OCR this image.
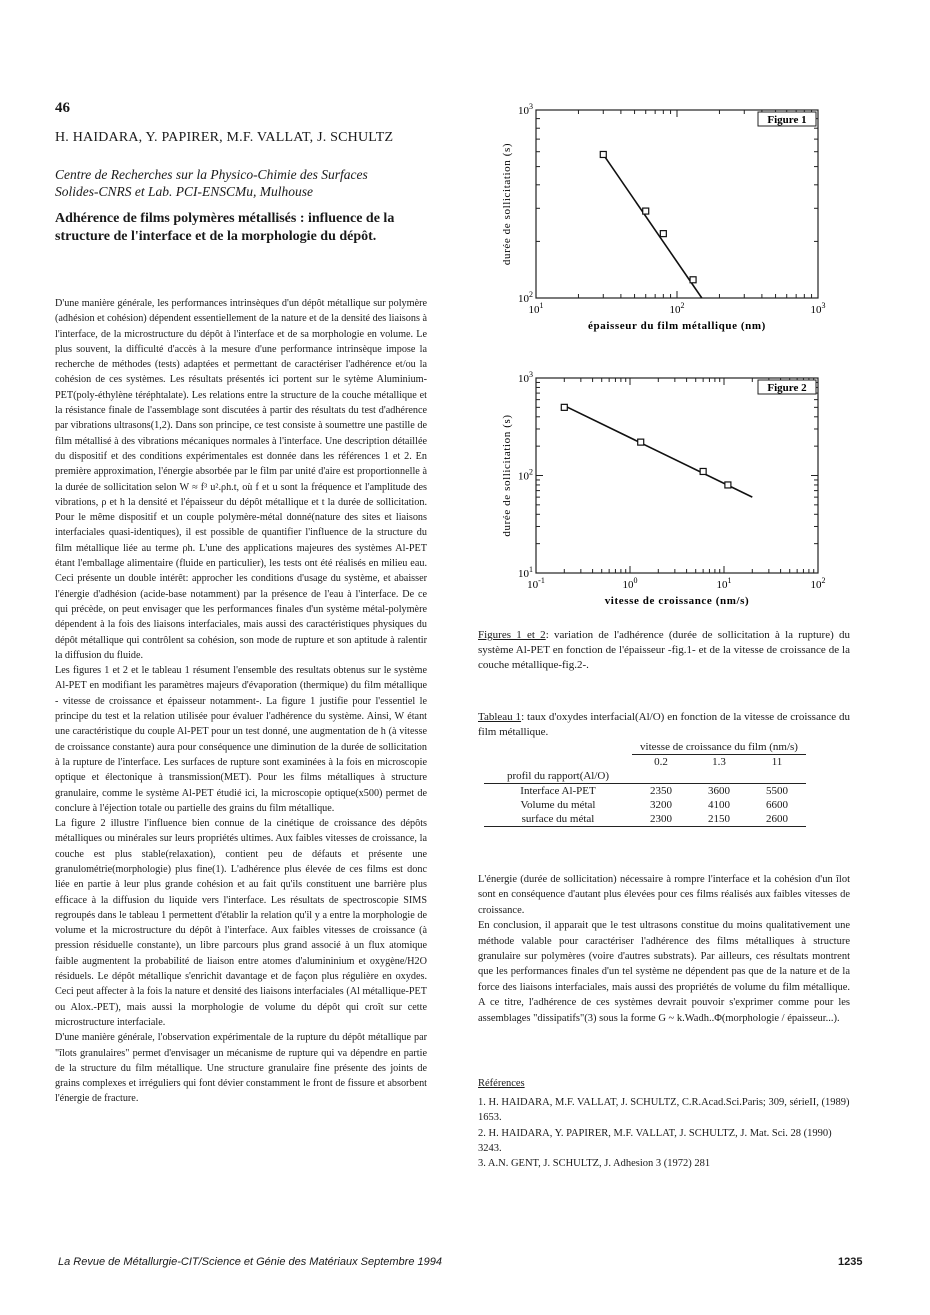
46
H. HAIDARA, Y. PAPIRER, M.F. VALLAT, J. SCHULTZ
Centre de Recherches sur la Physico-Chimie des Surfaces
Solides-CNRS et Lab. PCI-ENSCMu, Mulhouse
Adhérence de films polymères métallisés : influence de la
structure de l'interface et de la morphologie du dépôt.

D'une manière générale, les performances intrinsèques d'un dépôt métallique sur polymère (adhésion et cohésion) dépendent essentiellement de la nature et de la densité des liaisons à l'interface, de la microstructure du dépôt à l'interface et de sa morphologie en volume. Le plus souvent, la difficulté d'accès à la mesure d'une performance intrinsèque impose la recherche de méthodes (tests) adaptées et permettant de caractériser l'adhérence et/ou la cohésion de ces systèmes. Les résultats présentés ici portent sur le sytème Aluminium-PET(poly-éthylène téréphtalate). Les relations entre la structure de la couche métallique et la résistance finale de l'assemblage sont discutées à partir des résultats du test d'adhérence par vibrations ultrasons(1,2). Dans son principe, ce test consiste à soumettre une pastille de film métallisé à des vibrations mécaniques normales à l'interface. Une description détaillée du dispositif et des conditions expérimentales est donnée dans les références 1 et 2. En première approximation, l'énergie absorbée par le film par unité d'aire est proportionnelle à la durée de sollicitation selon W ≈ f³ u².ρh.t, où f et u sont la fréquence et l'amplitude des vibrations, ρ et h la densité et l'épaisseur du dépôt métallique et t la durée de sollicitation. Pour le même dispositif et un couple polymère-métal donné(nature des sites et liaisons interfaciales quasi-identiques), il est possible de quantifier l'influence de la structure du film métallique liée au terme ρh. L'une des applications majeures des systèmes Al-PET étant l'emballage alimentaire (fluide en particulier), les tests ont été réalisés en milieu eau. Ceci présente un double intérêt: approcher les conditions d'usage du système, et abaisser l'énergie d'adhésion (acide-base notamment) par la présence de l'eau à l'interface. De ce qui précède, on peut envisager que les performances finales d'un système métal-polymère dépendent à la fois des liaisons interfaciales, mais aussi des caractéristiques physiques du dépôt métallique qui contrôlent sa cohésion, son mode de rupture et son aptitude à ralentir la diffusion du fluide.

Les figures 1 et 2 et le tableau 1 résument l'ensemble des resultats obtenus sur le système Al-PET en modifiant les paramètres majeurs d'évaporation (thermique) du film métallique - vitesse de croissance et épaisseur notamment-. La figure 1 justifie pour l'essentiel le principe du test et la relation utilisée pour évaluer l'adhérence du système. Ainsi, W étant une caractéristique du couple Al-PET pour un test donné, une augmentation de h (à vitesse de croissance constante) aura pour conséquence une diminution de la durée de sollicitation à la rupture de l'interface. Les surfaces de rupture sont examinées à la fois en microscopie optique et électonique à transmission(MET). Pour les films métalliques à structure granulaire, comme le système Al-PET étudié ici, la microscopie optique(x500) permet de conclure à l'éjection totale ou partielle des grains du film métallique.

La figure 2 illustre l'influence bien connue de la cinétique de croissance des dépôts métalliques ou minérales sur leurs propriétés ultimes. Aux faibles vitesses de croissance, la couche est plus stable(relaxation), contient peu de défauts et présente une granulométrie(morphologie) plus fine(1). L'adhérence plus élevée de ces films est donc liée en partie à leur plus grande cohésion et au fait qu'ils constituent une barrière plus efficace à la diffusion du liquide vers l'interface. Les résultats de spectroscopie SIMS regroupés dans le tableau 1 permettent d'établir la relation qu'il y a entre la morphologie de volume et la microstructure du dépôt à l'interface. Aux faibles vitesses de croissance (à pression résiduelle constante), un libre parcours plus grand associé à un flux atomique faible augmentent la probabilité de liaison entre atomes d'alumininium et oxygène/H2O résiduels. Le dépôt métallique s'enrichit davantage et de façon plus régulière en oxydes. Ceci peut affecter à la fois la nature et densité des liaisons interfaciales (Al métallique-PET ou Alox.-PET), mais aussi la morphologie de volume du dépôt qui croît sur cette microstructure interfaciale.

D'une manière générale, l'observation expérimentale de la rupture du dépôt métallique par "îlots granulaires" permet d'envisager un mécanisme de rupture qui va dépendre en partie de la structure du film métallique. Une structure granulaire fine présente des joints de grains complexes et irréguliers qui font dévier constamment le front de fissure et absorbent l'énergie de fracture.

$10^1$	$10^2$	$10^3$
$10^2$
$10^3$
Figure 1
épaisseur du film métallique (nm)
durée de sollicitation (s)
$10^{-1}$	$10^0$	$10^1$	$10^2$
$10^1$
$10^2$
$10^3$
Figure 2
vitesse de croissance (nm/s)
durée de sollicitation (s)
Figures 1 et 2: variation de l'adhérence (durée de sollicitation à la rupture) du système Al-PET en fonction de l'épaisseur -fig.1- et de la vitesse de croissance de la couche métallique-fig.2-.
Tableau 1: taux d'oxydes interfacial(Al/O) en fonction de la vitesse de croissance du film métallique.
	vitesse de croissance du film (nm/s)		
	0.2	1.3	11
profil du rapport(Al/O)			
Interface Al-PET	2350	3600	5500
Volume du métal	3200	4100	6600
surface du métal	2300	2150	2600

L'énergie (durée de sollicitation) nécessaire à rompre l'interface et la cohésion d'un îlot sont en conséquence d'autant plus élevées pour ces films réalisés aux faibles vitesses de croissance.

En conclusion, il apparait que le test ultrasons constitue du moins qualitativement une méthode valable pour caractériser l'adhérence des films métalliques à structure granulaire sur polymères (voire d'autres substrats). Par ailleurs, ces résultats montrent que les performances finales d'un tel système ne dépendent pas que de la nature et de la force des liaisons interfaciales, mais aussi des propriétés de volume du film métallique. A ce titre, l'adhérence de ces systèmes devrait pouvoir s'exprimer comme pour les assemblages "dissipatifs"(3) sous la forme G ~ k.Wadh..Φ(morphologie / épaisseur...).

Références

1. H. HAIDARA, M.F. VALLAT, J. SCHULTZ, C.R.Acad.Sci.Paris; 309, sérieII, (1989) 1653.

2. H. HAIDARA, Y. PAPIRER, M.F. VALLAT, J. SCHULTZ, J. Mat. Sci. 28 (1990) 3243.

3. A.N. GENT, J. SCHULTZ, J. Adhesion 3 (1972) 281

La Revue de Métallurgie-CIT/Science et Génie des Matériaux Septembre 1994	1235
